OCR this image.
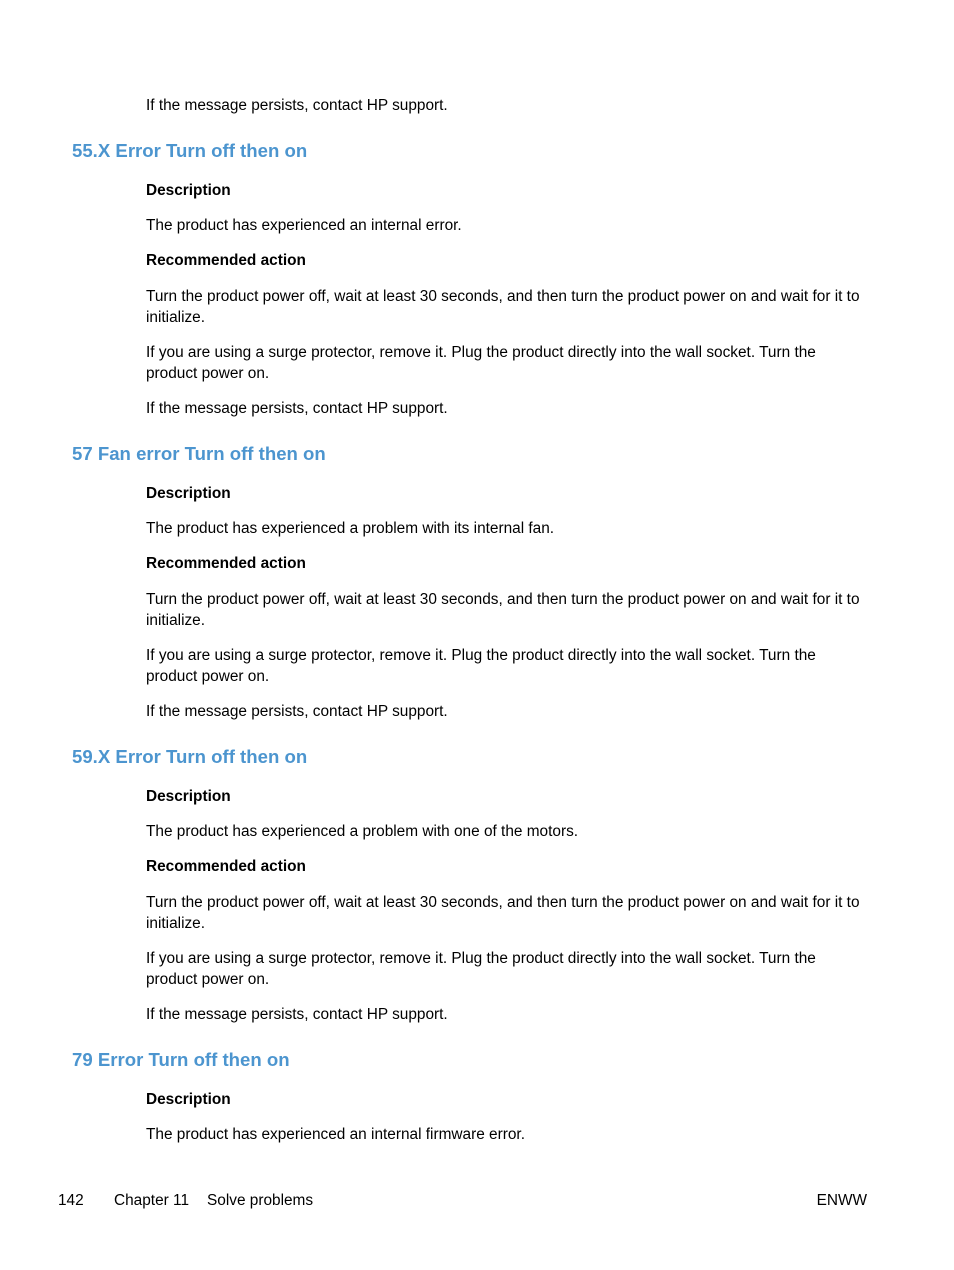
If the message persists, contact HP support.

55.X Error Turn off then on

Description

The product has experienced an internal error.

Recommended action

Turn the product power off, wait at least 30 seconds, and then turn the product power on and wait for it to initialize.

If you are using a surge protector, remove it. Plug the product directly into the wall socket. Turn the product power on.

If the message persists, contact HP support.

57 Fan error Turn off then on

Description

The product has experienced a problem with its internal fan.

Recommended action

Turn the product power off, wait at least 30 seconds, and then turn the product power on and wait for it to initialize.

If you are using a surge protector, remove it. Plug the product directly into the wall socket. Turn the product power on.

If the message persists, contact HP support.

59.X Error Turn off then on

Description

The product has experienced a problem with one of the motors.

Recommended action

Turn the product power off, wait at least 30 seconds, and then turn the product power on and wait for it to initialize.

If you are using a surge protector, remove it. Plug the product directly into the wall socket. Turn the product power on.

If the message persists, contact HP support.

79 Error Turn off then on

Description

The product has experienced an internal firmware error.

142 Chapter 11 Solve problems	ENWW
